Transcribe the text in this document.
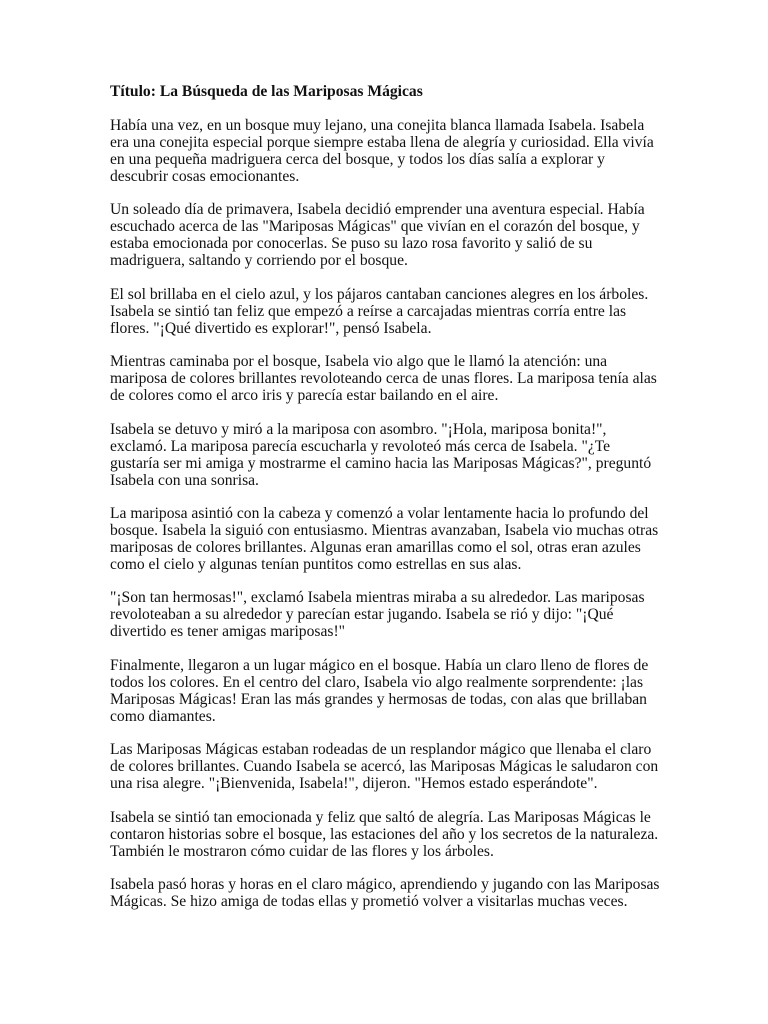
Título: La Búsqueda de las Mariposas Mágicas

Había una vez, en un bosque muy lejano, una conejita blanca llamada Isabela. Isabela
era una conejita especial porque siempre estaba llena de alegría y curiosidad. Ella vivía
en una pequeña madriguera cerca del bosque, y todos los días salía a explorar y
descubrir cosas emocionantes.

Un soleado día de primavera, Isabela decidió emprender una aventura especial. Había
escuchado acerca de las "Mariposas Mágicas" que vivían en el corazón del bosque, y
estaba emocionada por conocerlas. Se puso su lazo rosa favorito y salió de su
madriguera, saltando y corriendo por el bosque.

El sol brillaba en el cielo azul, y los pájaros cantaban canciones alegres en los árboles.
Isabela se sintió tan feliz que empezó a reírse a carcajadas mientras corría entre las
flores. "¡Qué divertido es explorar!", pensó Isabela.

Mientras caminaba por el bosque, Isabela vio algo que le llamó la atención: una
mariposa de colores brillantes revoloteando cerca de unas flores. La mariposa tenía alas
de colores como el arco iris y parecía estar bailando en el aire.

Isabela se detuvo y miró a la mariposa con asombro. "¡Hola, mariposa bonita!",
exclamó. La mariposa parecía escucharla y revoloteó más cerca de Isabela. "¿Te
gustaría ser mi amiga y mostrarme el camino hacia las Mariposas Mágicas?", preguntó
Isabela con una sonrisa.

La mariposa asintió con la cabeza y comenzó a volar lentamente hacia lo profundo del
bosque. Isabela la siguió con entusiasmo. Mientras avanzaban, Isabela vio muchas otras
mariposas de colores brillantes. Algunas eran amarillas como el sol, otras eran azules
como el cielo y algunas tenían puntitos como estrellas en sus alas.

"¡Son tan hermosas!", exclamó Isabela mientras miraba a su alrededor. Las mariposas
revoloteaban a su alrededor y parecían estar jugando. Isabela se rió y dijo: "¡Qué
divertido es tener amigas mariposas!"

Finalmente, llegaron a un lugar mágico en el bosque. Había un claro lleno de flores de
todos los colores. En el centro del claro, Isabela vio algo realmente sorprendente: ¡las
Mariposas Mágicas! Eran las más grandes y hermosas de todas, con alas que brillaban
como diamantes.

Las Mariposas Mágicas estaban rodeadas de un resplandor mágico que llenaba el claro
de colores brillantes. Cuando Isabela se acercó, las Mariposas Mágicas le saludaron con
una risa alegre. "¡Bienvenida, Isabela!", dijeron. "Hemos estado esperándote".

Isabela se sintió tan emocionada y feliz que saltó de alegría. Las Mariposas Mágicas le
contaron historias sobre el bosque, las estaciones del año y los secretos de la naturaleza.
También le mostraron cómo cuidar de las flores y los árboles.

Isabela pasó horas y horas en el claro mágico, aprendiendo y jugando con las Mariposas
Mágicas. Se hizo amiga de todas ellas y prometió volver a visitarlas muchas veces.
